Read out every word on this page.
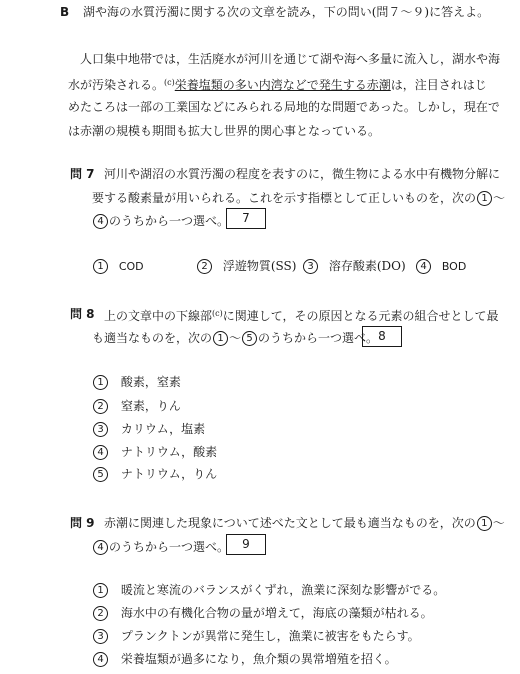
B 湖や海の水質汚濁に関する次の文章を読み，下の問い(問７～９)に答えよ。
人口集中地帯では，生活廃水が河川を通じて湖や海へ多量に流入し，湖水や海
水が汚染される。$^{(c)}$栄養塩類の多い内湾などで発生する赤潮は，注目されはじ
めたころは一部の工業国などにみられる局地的な問題であった。しかし，現在で
は赤潮の規模も期間も拡大し世界的関心事となっている。
問 7 河川や湖沼の水質汚濁の程度を表すのに，微生物による水中有機物分解に
要する酸素量が用いられる。これを示す指標として正しいものを，次の 1 ～
4 のうちから一つ選べ。	7
1 COD	2 浮遊物質(SS)	3 溶存酸素(DO)	4 BOD
問 8 上の文章中の下線部$^{(c)}$に関連して，その原因となる元素の組合せとして最
も適当なものを，次の 1 ～ 5 のうちから一つ選べ。 8
1 酸素，窒素
2 窒素，りん
3 カリウム，塩素
4 ナトリウム，酸素
5 ナトリウム，りん
問 9 赤潮に関連した現象について述べた文として最も適当なものを，次の 1 ～
4 のうちから一つ選べ。	9
1 暖流と寒流のバランスがくずれ，漁業に深刻な影響がでる。
2 海水中の有機化合物の量が増えて，海底の藻類が枯れる。
3 プランクトンが異常に発生し，漁業に被害をもたらす。
4 栄養塩類が過多になり，魚介類の異常増殖を招く。
